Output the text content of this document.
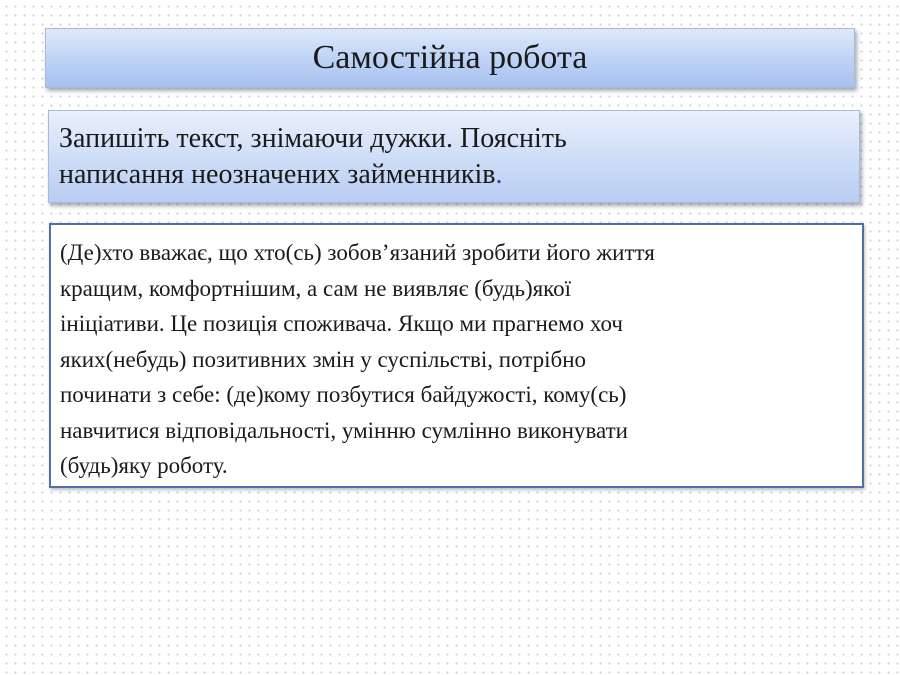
Самостійна робота
Запишіть текст, знімаючи дужки. Поясніть
написання неозначених займенників.
(Де)хто вважає, що хто(сь) зобов’язаний зробити його життя
кращим, комфортнішим, а сам не виявляє (будь)якої
ініціативи. Це позиція споживача. Якщо ми прагнемо хоч
яких(небудь) позитивних змін у суспільстві, потрібно
починати з себе: (де)кому позбутися байдужості, кому(сь)
навчитися відповідальності, умінню сумлінно виконувати
(будь)яку роботу.
